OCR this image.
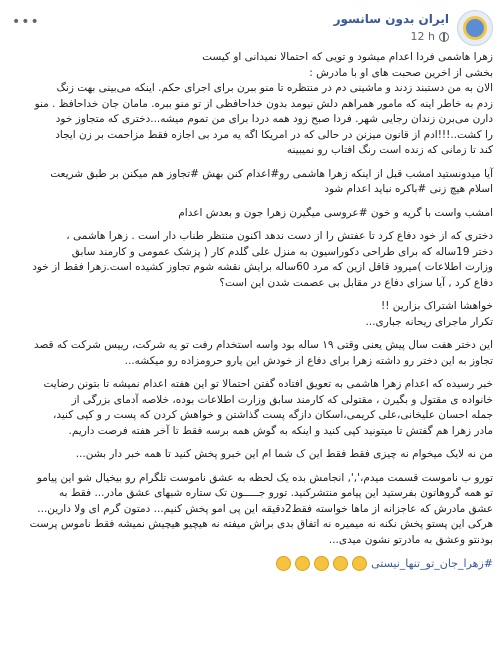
ایران بدون سانسور
12 h
•••
زهرا هاشمی فردا اعدام میشود و تویی که احتمالا نمیدانی او کیست
بخشی از اخرین صحبت های او با مادرش :
الان به من دستبند زدند و ماشینی دم در منتظره تا منو ببرن برای اجرای حکم. اینکه می‌بینی بهت زنگ
زدم به خاطر اینه که مامور همراهم دلش نیومد بدون خداحافظی از تو منو ببره. مامان جان خداحافظ . منو
دارن می‌برن زندان رجایی شهر. فردا صبح زود همه دردا برای من تموم میشه...دختری که متجاوز خود
را کشت..!!!ادم از قانون میزنن در حالی که در امریکا اگه یه مرد بی اجازه فقط مزاحمت بر زن ایجاد
کند تا زمانی که زنده است رنگ افتاب رو نمیبینه
آیا میدونستید امشب قبل از اینکه زهرا هاشمی رو#اعدام کنن بهش #تجاوز هم میکنن بر طبق شریعت
اسلام هیچ زنی #باکره نباید اعدام شود
امشب واست با گریه و خون #عروسی میگیرن زهرا جون و بعدش اعدام
دختری که از خود دفاع کرد تا عفتش را از دست ندهد اکنون منتظر طناب دار است . زهرا هاشمی ،
دختر 19ساله که برای طراحی دکوراسیون به منزل علی گلدم کار ( پزشک عمومی و کارمند سابق
وزارت اطلاعات )میرود قاقل ازین که مرد 60ساله برایش نقشه شوم تجاوز کشیده است.زهرا فقط از خود
دفاع کرد , آیا سزای دفاع در مقابل بی عصمت شدن این است؟
خواهشا اشتراک بزارین !!
تکرار ماجرای ریحانه جباری...
این دختر هفت سال پیش یعنی وقتی ۱۹ ساله بود واسه استخدام رفت تو یه شرکت، رییس شرکت که قصد
تجاوز به این دختر رو داشته زهرا برای دفاع از خودش این یارو حرومزاده رو میکشه...
خبر رسیده که اعدام زهرا هاشمی به تعویق افتاده گفتن احتمالا تو این هفته اعدام نمیشه تا بتونن رضایت
خانواده ی مقتول و بگیرن ، مقتولی که کارمند سابق وزارت اطلاعات بوده، خلاصه آدمای بزرگی از
جمله احسان علیخانی،علی کریمی،اسکان دازگه پست گذاشتن و خواهش کردن که پست ر و کپی کنید،
مادر زهرا هم گفتش تا میتونید کپی کنید و اینکه به گوش همه برسه فقط تا آخر هفته فرصت داریم.
من نه لایک میخوام نه چیزی فقط فقط این ک شما ام این خبرو پخش کنید تا همه خبر دار بشن...
تورو ب ناموست قسمت میدم،',', انجامش بده یک لحظه به عشق ناموست تلگرام رو بیخیال شو این پیامو
تو همه گروهاتون بفرستید این پیامو منتشرکنید. تورو جـــــون تک ستاره شبهای عشق مادر... فقط به
عشق مادرش که عاجزانه از ماها خواسته فقط2دقیقه این پی امو پخش کنیم... دمتون گرم ای ولا دارین...
هرکی این پستو پخش نکنه نه میمیره نه اتفاق بدی براش میفته نه هیچیو هیچیش نمیشه فقط ناموس پرست
بودنتو وعشق به مادرتو نشون میدی...
#زهرا_جان_تو_تنها_نیستی
